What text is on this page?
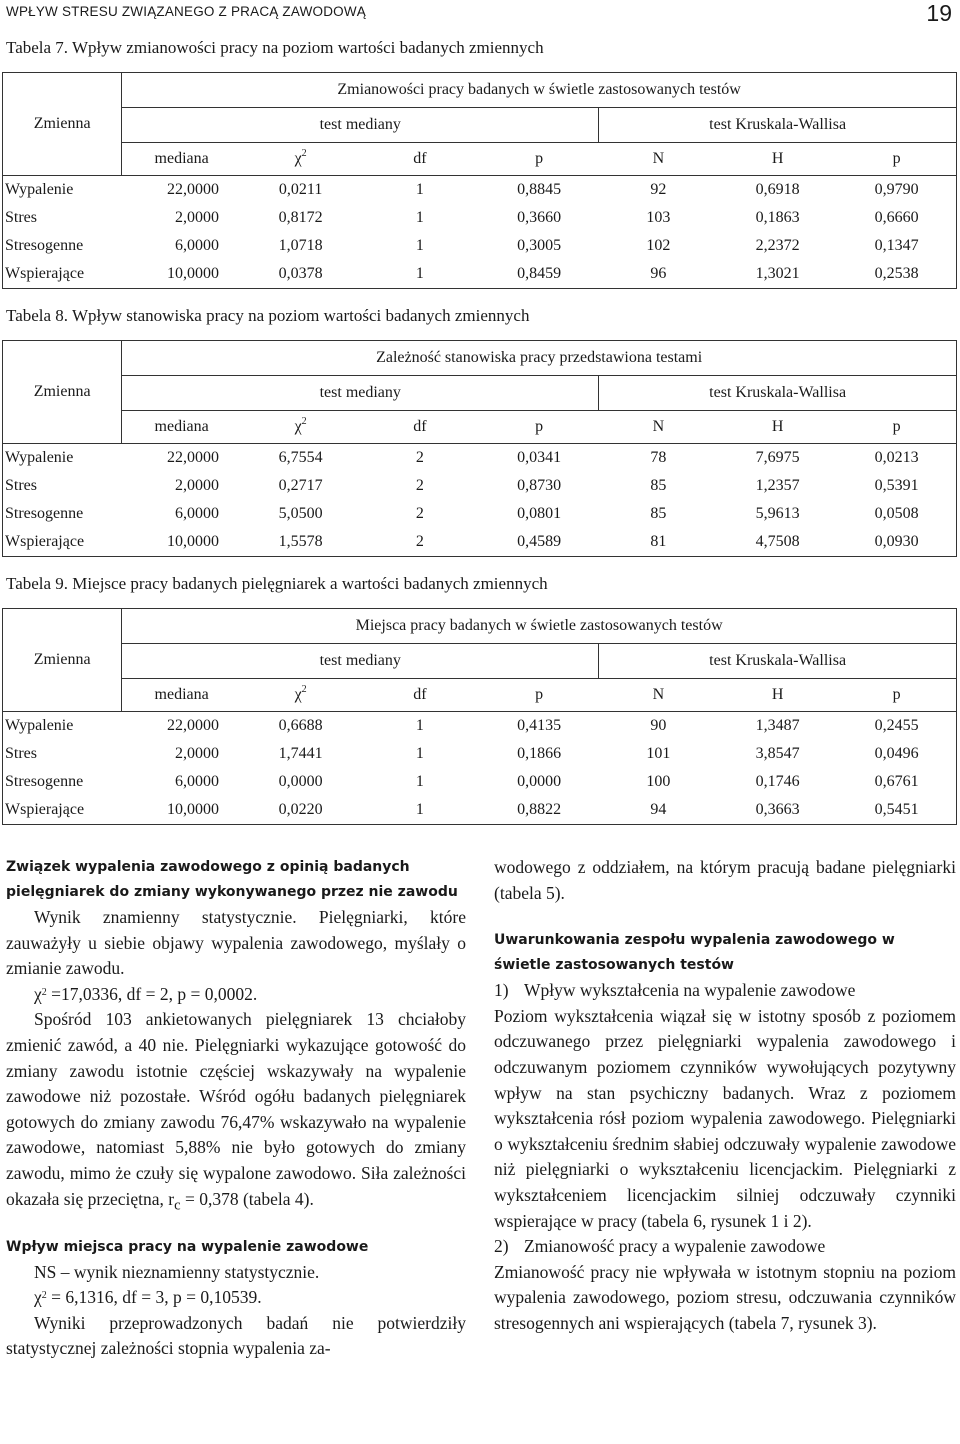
WPŁYW STRESU ZWIĄZANEGO Z PRACĄ ZAWODOWĄ	19
Tabela 7. Wpływ zmianowości pracy na poziom wartości badanych zmiennych
Zmienna	Zmianowości pracy badanych w świetle zastosowanych testów						
	test mediany				test Kruskala-Wallisa		
	mediana	$\chi^2$	df	p	N	H	p
Wypalenie	22,0000	0,0211	1	0,8845	92	0,6918	0,9790
Stres	2,0000	0,8172	1	0,3660	103	0,1863	0,6660
Stresogenne	6,0000	1,0718	1	0,3005	102	2,2372	0,1347
Wspierające	10,0000	0,0378	1	0,8459	96	1,3021	0,2538
Tabela 8. Wpływ stanowiska pracy na poziom wartości badanych zmiennych
Zmienna	Zależność stanowiska pracy przedstawiona testami						
	test mediany				test Kruskala-Wallisa		
	mediana	$\chi^2$	df	p	N	H	p
Wypalenie	22,0000	6,7554	2	0,0341	78	7,6975	0,0213
Stres	2,0000	0,2717	2	0,8730	85	1,2357	0,5391
Stresogenne	6,0000	5,0500	2	0,0801	85	5,9613	0,0508
Wspierające	10,0000	1,5578	2	0,4589	81	4,7508	0,0930
Tabela 9. Miejsce pracy badanych pielęgniarek a wartości badanych zmiennych
Zmienna	Miejsca pracy badanych w świetle zastosowanych testów						
	test mediany				test Kruskala-Wallisa		
	mediana	$\chi^2$	df	p	N	H	p
Wypalenie	22,0000	0,6688	1	0,4135	90	1,3487	0,2455
Stres	2,0000	1,7441	1	0,1866	101	3,8547	0,0496
Stresogenne	6,0000	0,0000	1	0,0000	100	0,1746	0,6761
Wspierające	10,0000	0,0220	1	0,8822	94	0,3663	0,5451

Związek wypalenia zawodowego z opinią badanych pielęgniarek do zmiany wykonywanego przez nie zawodu

Wynik znamienny statystycznie. Pielęgniarki, które zauważyły u siebie objawy wypalenia zawodowego, myślały o zmianie zawodu.

$\chi^2 =17,0336$, df = 2, p = 0,0002.

Spośród 103 ankietowanych pielęgniarek 13 chciałoby zmienić zawód, a 40 nie. Pielęgniarki wykazujące gotowość do zmiany zawodu istotnie częściej wskazywały na wypalenie zawodowe niż pozostałe. Wśród ogółu badanych pielęgniarek gotowych do zmiany zawodu 76,47% wskazywało na wypalenie zawodowe, natomiast 5,88% nie było gotowych do zmiany zawodu, mimo że czuły się wypalone zawodowo. Siła zależności okazała się przeciętna, $r_c = 0,378$ (tabela 4).

Wpływ miejsca pracy na wypalenie zawodowe

NS – wynik nieznamienny statystycznie.

$\chi^2 = 6,1316$, df = 3, p = 0,10539.

Wyniki przeprowadzonych badań nie potwierdziły statystycznej zależności stopnia wypalenia za-

wodowego z oddziałem, na którym pracują badane pielęgniarki (tabela 5).

Uwarunkowania zespołu wypalenia zawodowego w świetle zastosowanych testów

1) Wpływ wykształcenia na wypalenie zawodowe

Poziom wykształcenia wiązał się w istotny sposób z poziomem odczuwanego przez pielęgniarki wypalenia zawodowego i odczuwanym poziomem czynników wywołujących pozytywny wpływ na stan psychiczny badanych. Wraz z poziomem wykształcenia rósł poziom wypalenia zawodowego. Pielęgniarki o wykształceniu średnim słabiej odczuwały wypalenie zawodowe niż pielęgniarki o wykształceniu licencjackim. Pielęgniarki z wykształceniem licencjackim silniej odczuwały czynniki wspierające w pracy (tabela 6, rysunek 1 i 2).

2) Zmianowość pracy a wypalenie zawodowe

Zmianowość pracy nie wpływała w istotnym stopniu na poziom wypalenia zawodowego, poziom stresu, odczuwania czynników stresogennych ani wspierających (tabela 7, rysunek 3).
